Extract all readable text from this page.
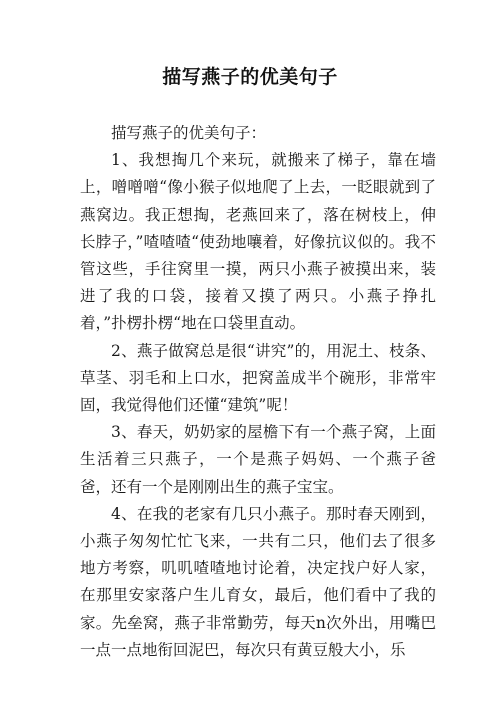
描写燕子的优美句子

描写燕子的优美句子：

1、我想掏几个来玩，就搬来了梯子，靠在墙上，噌噌噌“像小猴子似地爬了上去，一眨眼就到了燕窝边。我正想掏，老燕回来了，落在树枝上，伸长脖子，”喳喳喳“使劲地嚷着，好像抗议似的。我不管这些，手往窝里一摸，两只小燕子被摸出来，装进了我的口袋，接着又摸了两只。小燕子挣扎着，”扑楞扑楞“地在口袋里直动。

2、燕子做窝总是很“讲究”的，用泥土、枝条、草茎、羽毛和上口水，把窝盖成半个碗形，非常牢固，我觉得他们还懂“建筑”呢！

3、春天，奶奶家的屋檐下有一个燕子窝，上面生活着三只燕子，一个是燕子妈妈、一个燕子爸爸，还有一个是刚刚出生的燕子宝宝。

4、在我的老家有几只小燕子。那时春天刚到，小燕子匆匆忙忙飞来，一共有二只，他们去了很多地方考察，叽叽喳喳地讨论着，决定找户好人家，在那里安家落户生儿育女，最后，他们看中了我的家。先垒窝，燕子非常勤劳，每天n次外出，用嘴巴一点一点地衔回泥巴，每次只有黄豆般大小，乐
